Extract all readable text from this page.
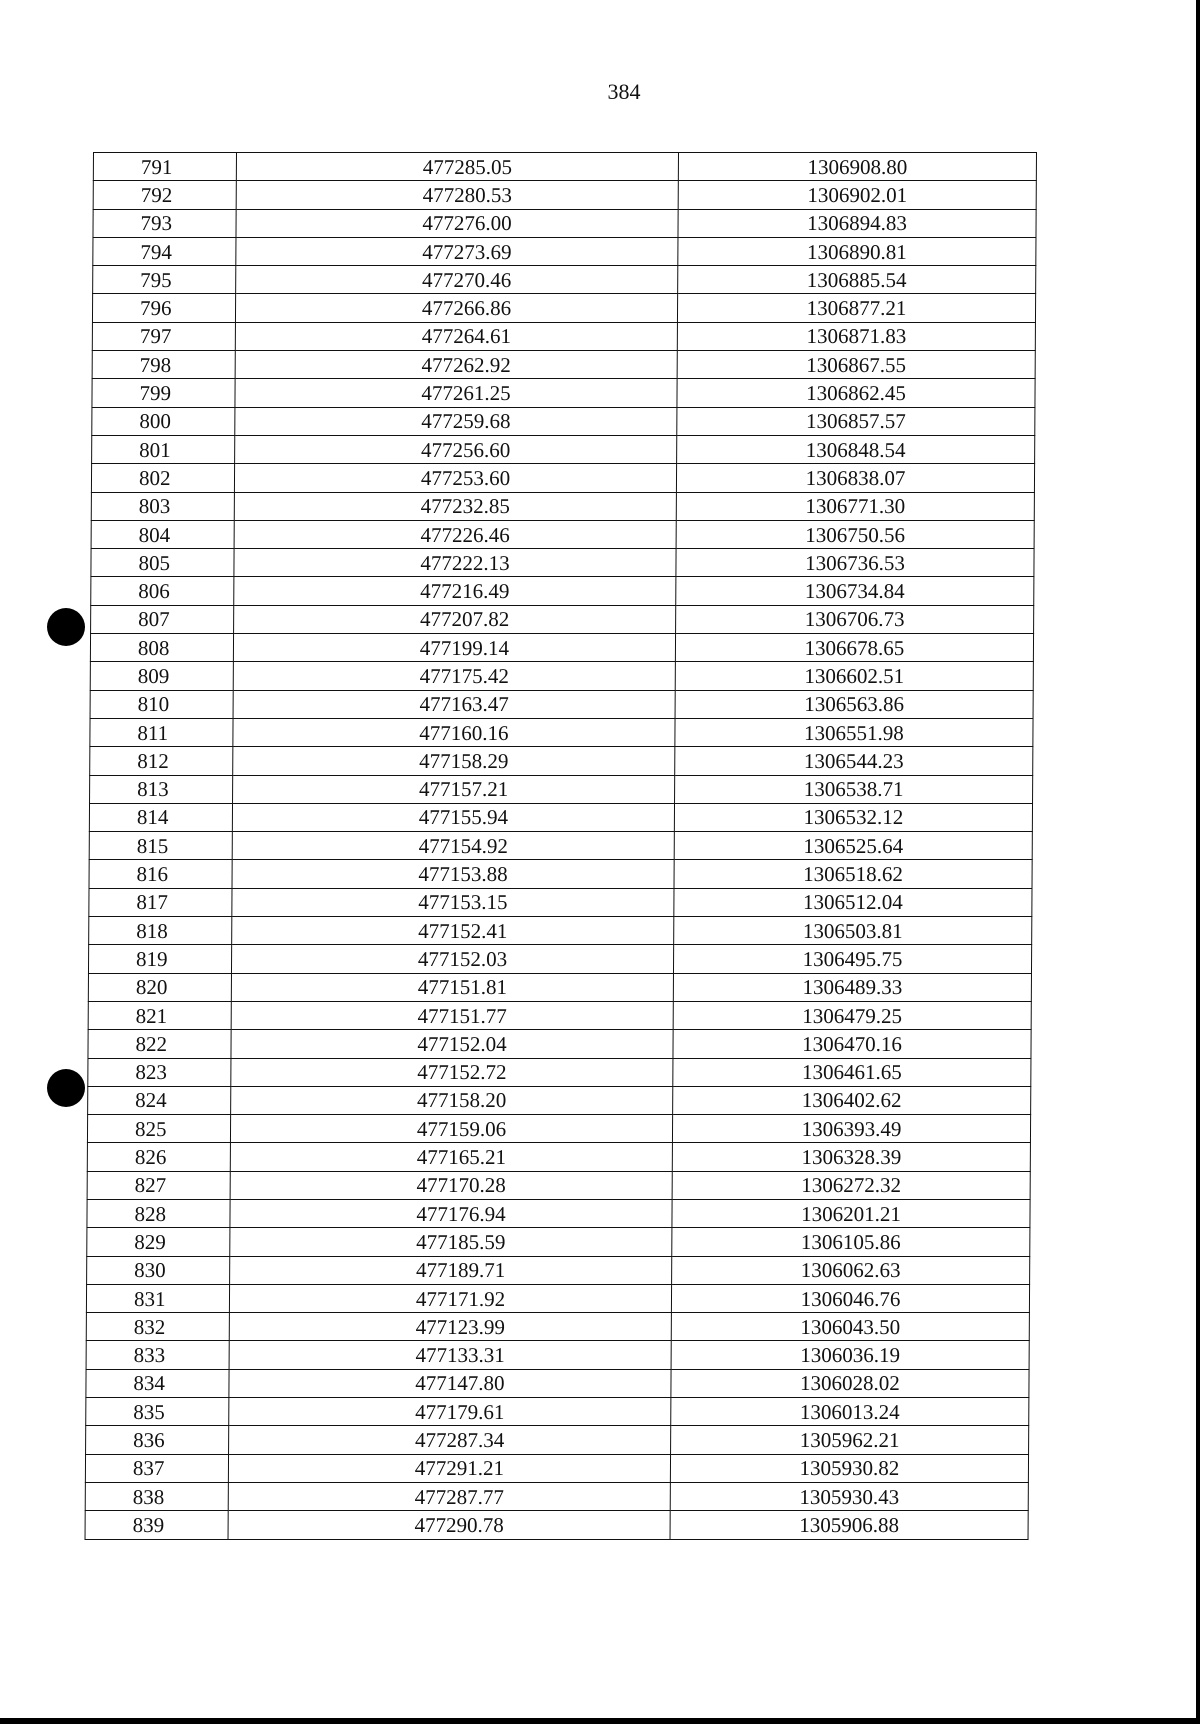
384
791	477285.05	1306908.80
792	477280.53	1306902.01
793	477276.00	1306894.83
794	477273.69	1306890.81
795	477270.46	1306885.54
796	477266.86	1306877.21
797	477264.61	1306871.83
798	477262.92	1306867.55
799	477261.25	1306862.45
800	477259.68	1306857.57
801	477256.60	1306848.54
802	477253.60	1306838.07
803	477232.85	1306771.30
804	477226.46	1306750.56
805	477222.13	1306736.53
806	477216.49	1306734.84
807	477207.82	1306706.73
808	477199.14	1306678.65
809	477175.42	1306602.51
810	477163.47	1306563.86
811	477160.16	1306551.98
812	477158.29	1306544.23
813	477157.21	1306538.71
814	477155.94	1306532.12
815	477154.92	1306525.64
816	477153.88	1306518.62
817	477153.15	1306512.04
818	477152.41	1306503.81
819	477152.03	1306495.75
820	477151.81	1306489.33
821	477151.77	1306479.25
822	477152.04	1306470.16
823	477152.72	1306461.65
824	477158.20	1306402.62
825	477159.06	1306393.49
826	477165.21	1306328.39
827	477170.28	1306272.32
828	477176.94	1306201.21
829	477185.59	1306105.86
830	477189.71	1306062.63
831	477171.92	1306046.76
832	477123.99	1306043.50
833	477133.31	1306036.19
834	477147.80	1306028.02
835	477179.61	1306013.24
836	477287.34	1305962.21
837	477291.21	1305930.82
838	477287.77	1305930.43
839	477290.78	1305906.88
